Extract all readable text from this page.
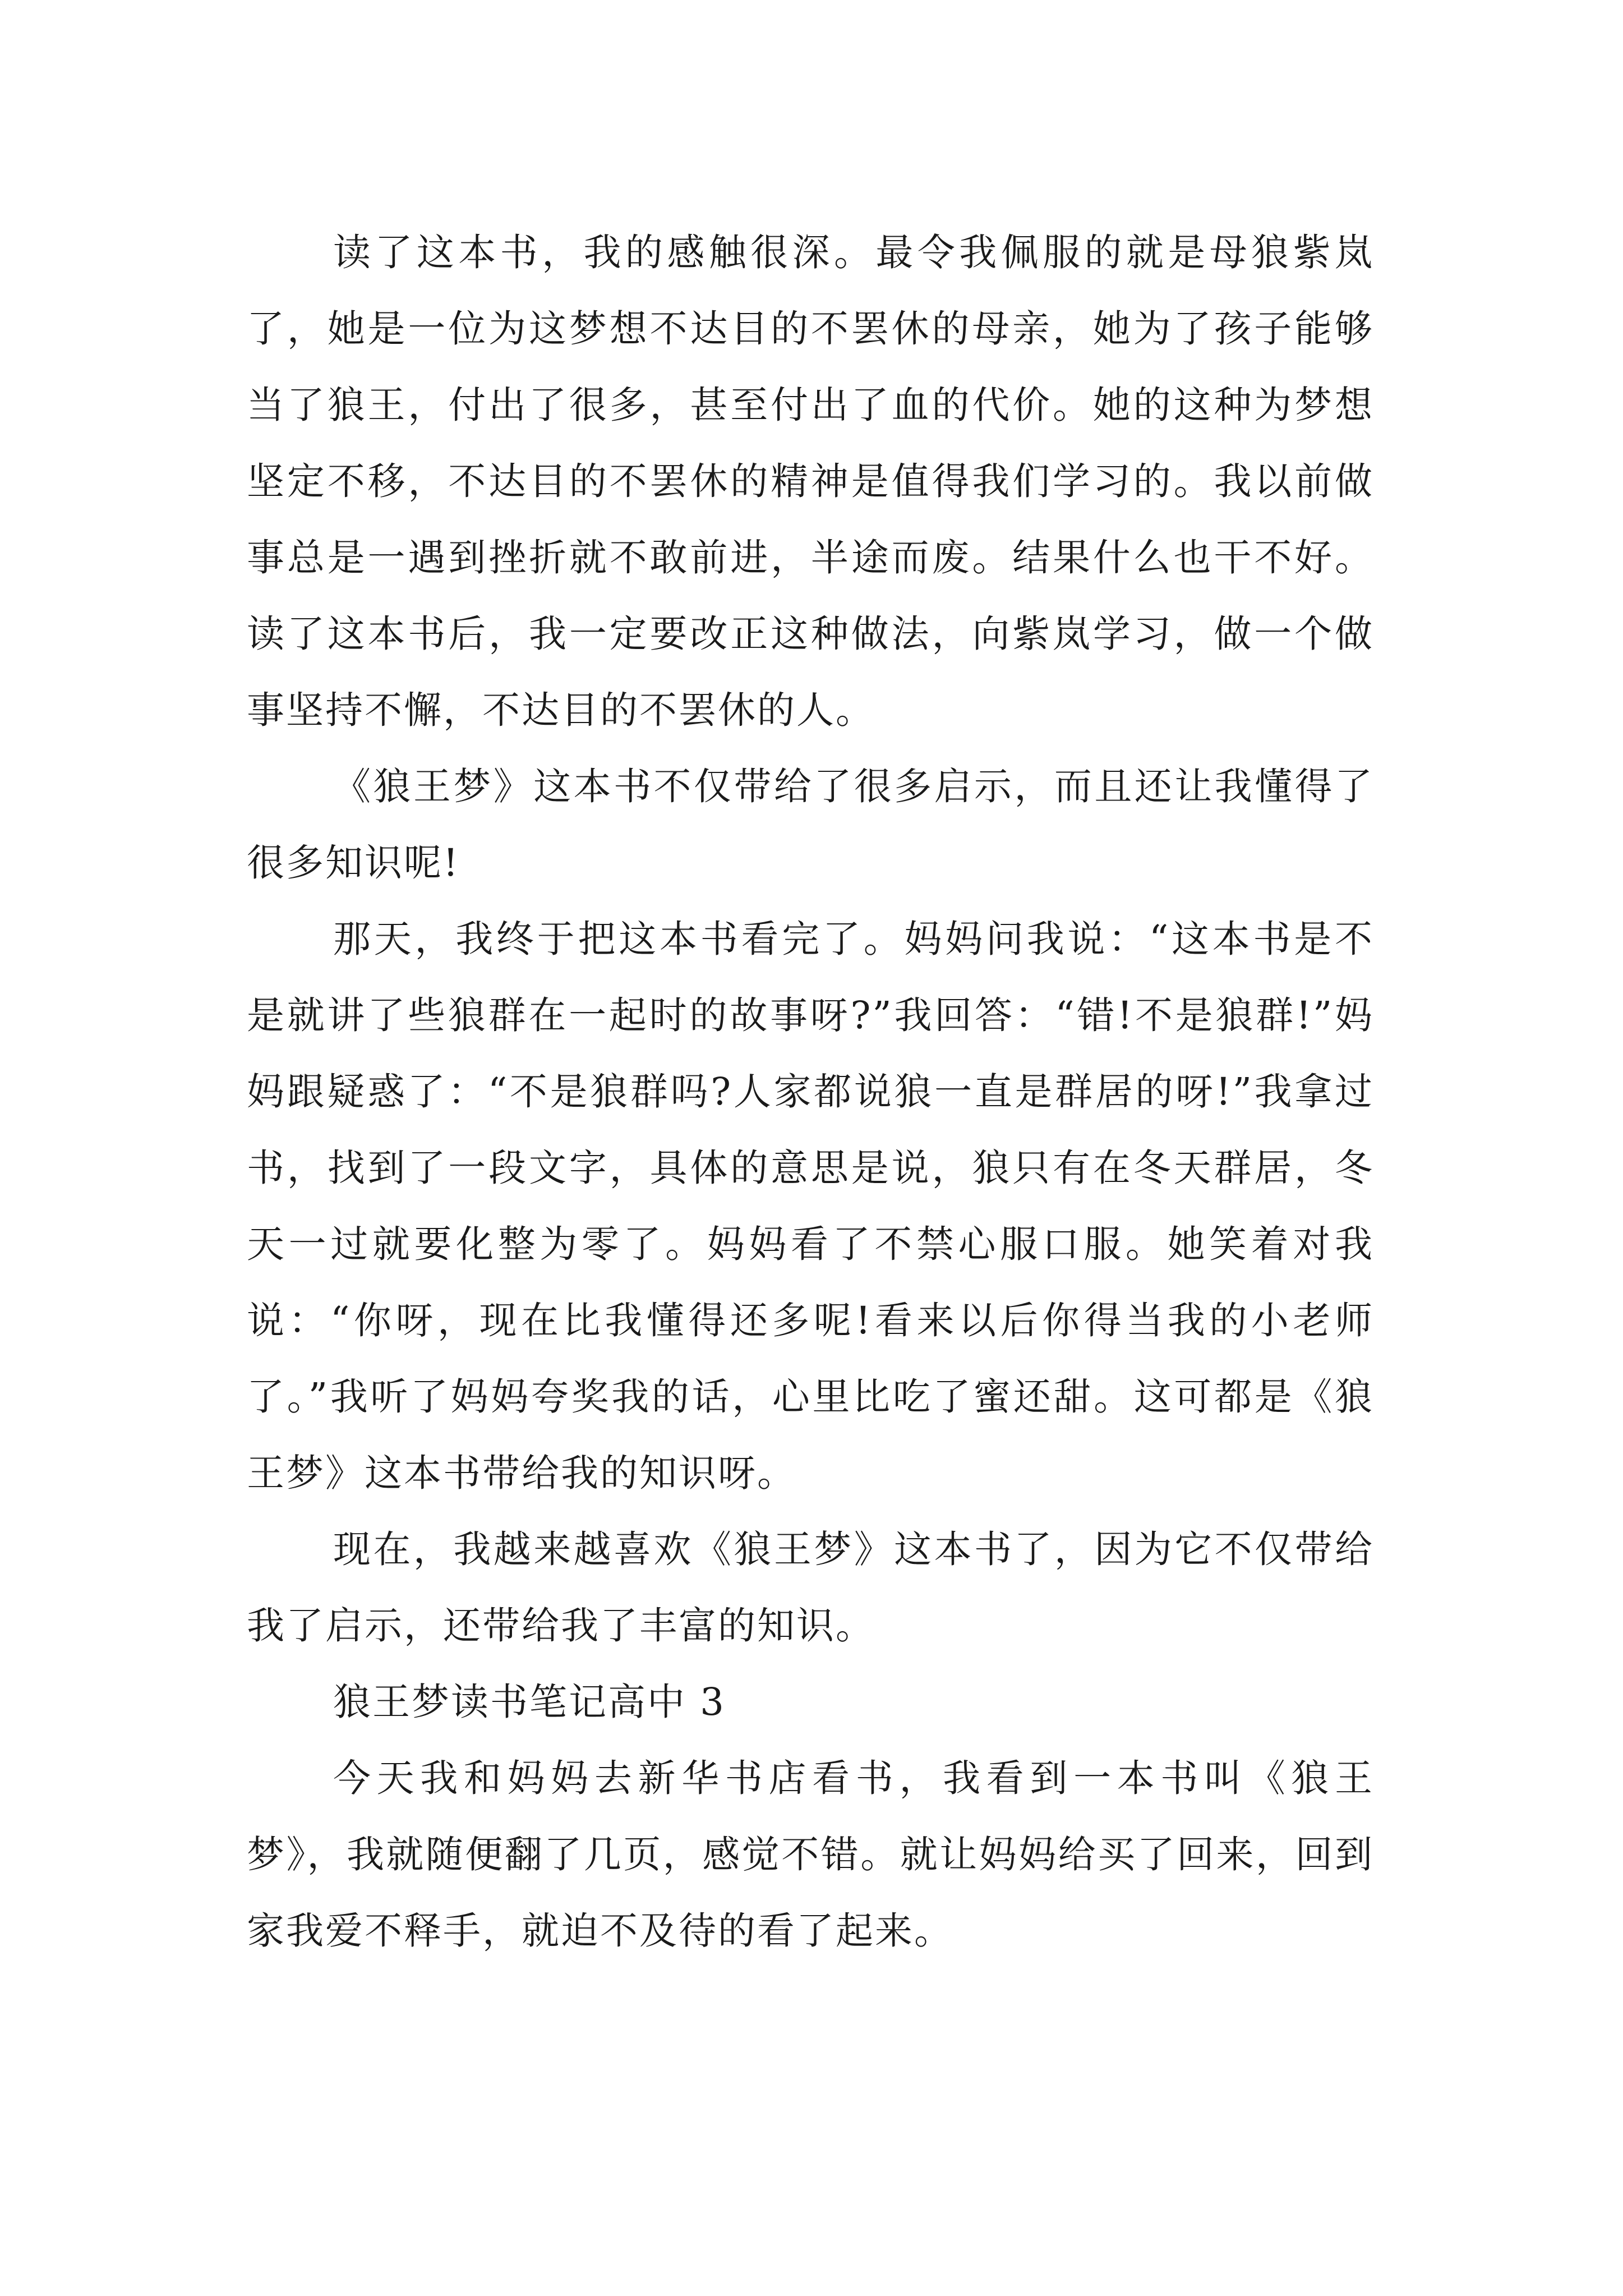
读了这本书，我的感触很深。最令我佩服的就是母狼紫岚了，她是一位为这梦想不达目的不罢休的母亲，她为了孩子能够当了狼王，付出了很多，甚至付出了血的代价。她的这种为梦想坚定不移，不达目的不罢休的精神是值得我们学习的。我以前做事总是一遇到挫折就不敢前进，半途而废。结果什么也干不好。读了这本书后，我一定要改正这种做法，向紫岚学习，做一个做事坚持不懈，不达目的不罢休的人。

《狼王梦》这本书不仅带给了很多启示，而且还让我懂得了很多知识呢!

那天，我终于把这本书看完了。妈妈问我说：“这本书是不是就讲了些狼群在一起时的故事呀?”我回答：“错!不是狼群!”妈妈跟疑惑了：“不是狼群吗?人家都说狼一直是群居的呀!”我拿过书，找到了一段文字，具体的意思是说，狼只有在冬天群居，冬天一过就要化整为零了。妈妈看了不禁心服口服。她笑着对我说：“你呀，现在比我懂得还多呢!看来以后你得当我的小老师了。”我听了妈妈夸奖我的话，心里比吃了蜜还甜。这可都是《狼王梦》这本书带给我的知识呀。

现在，我越来越喜欢《狼王梦》这本书了，因为它不仅带给我了启示，还带给我了丰富的知识。

狼王梦读书笔记高中 3

今天我和妈妈去新华书店看书，我看到一本书叫《狼王梦》，我就随便翻了几页，感觉不错。就让妈妈给买了回来，回到家我爱不释手，就迫不及待的看了起来。
